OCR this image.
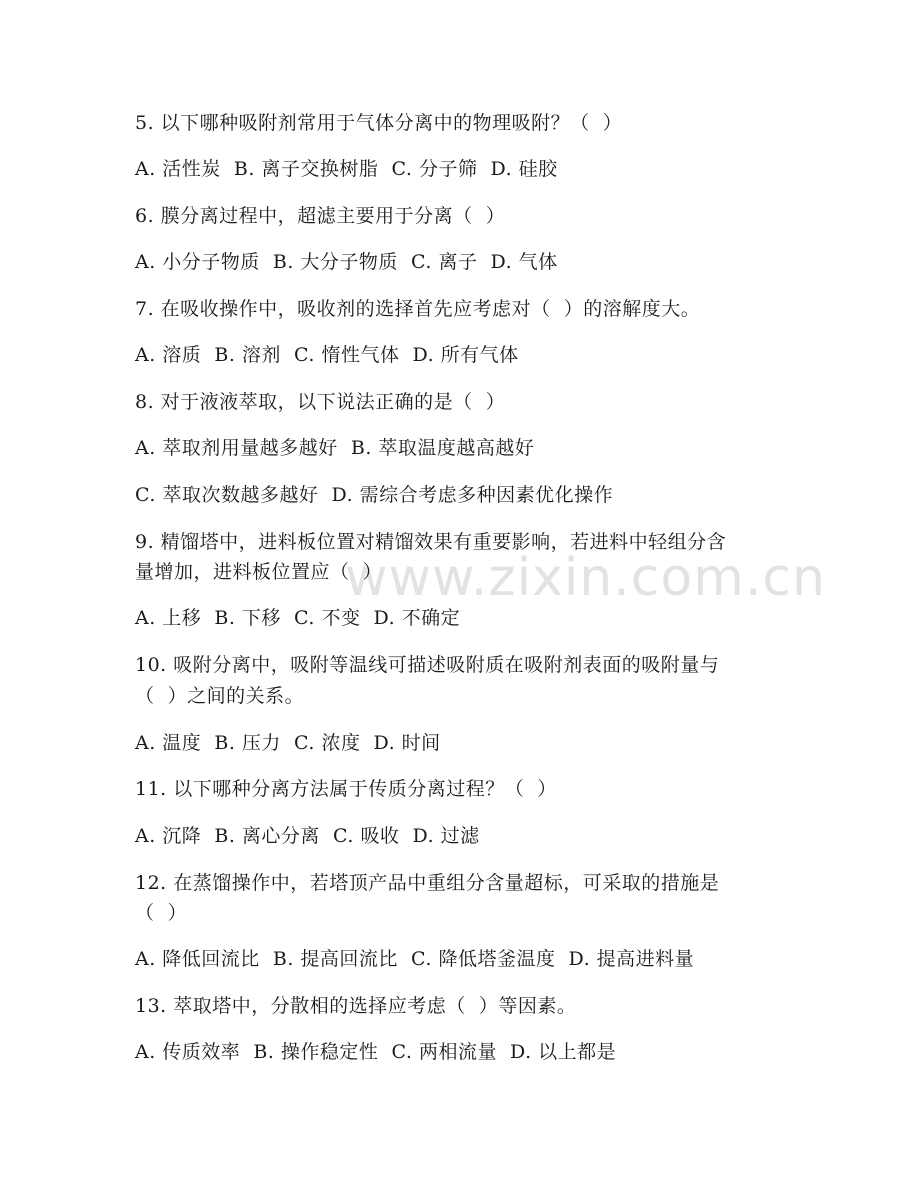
www.zixin.com.cn
5. 以下哪种吸附剂常用于气体分离中的物理吸附？（  ）
A. 活性炭  B. 离子交换树脂  C. 分子筛  D. 硅胶
6. 膜分离过程中，超滤主要用于分离（  ）
A. 小分子物质  B. 大分子物质  C. 离子  D. 气体
7. 在吸收操作中，吸收剂的选择首先应考虑对（  ）的溶解度大。
A. 溶质  B. 溶剂  C. 惰性气体  D. 所有气体
8. 对于液液萃取，以下说法正确的是（  ）
A. 萃取剂用量越多越好  B. 萃取温度越高越好
C. 萃取次数越多越好  D. 需综合考虑多种因素优化操作
9. 精馏塔中，进料板位置对精馏效果有重要影响，若进料中轻组分含
量增加，进料板位置应（  ）
A. 上移  B. 下移  C. 不变  D. 不确定
10. 吸附分离中，吸附等温线可描述吸附质在吸附剂表面的吸附量与
（  ）之间的关系。
A. 温度  B. 压力  C. 浓度  D. 时间
11. 以下哪种分离方法属于传质分离过程？（  ）
A. 沉降  B. 离心分离  C. 吸收  D. 过滤
12. 在蒸馏操作中，若塔顶产品中重组分含量超标，可采取的措施是
（  ）
A. 降低回流比  B. 提高回流比  C. 降低塔釜温度  D. 提高进料量
13. 萃取塔中，分散相的选择应考虑（  ）等因素。
A. 传质效率  B. 操作稳定性  C. 两相流量  D. 以上都是
